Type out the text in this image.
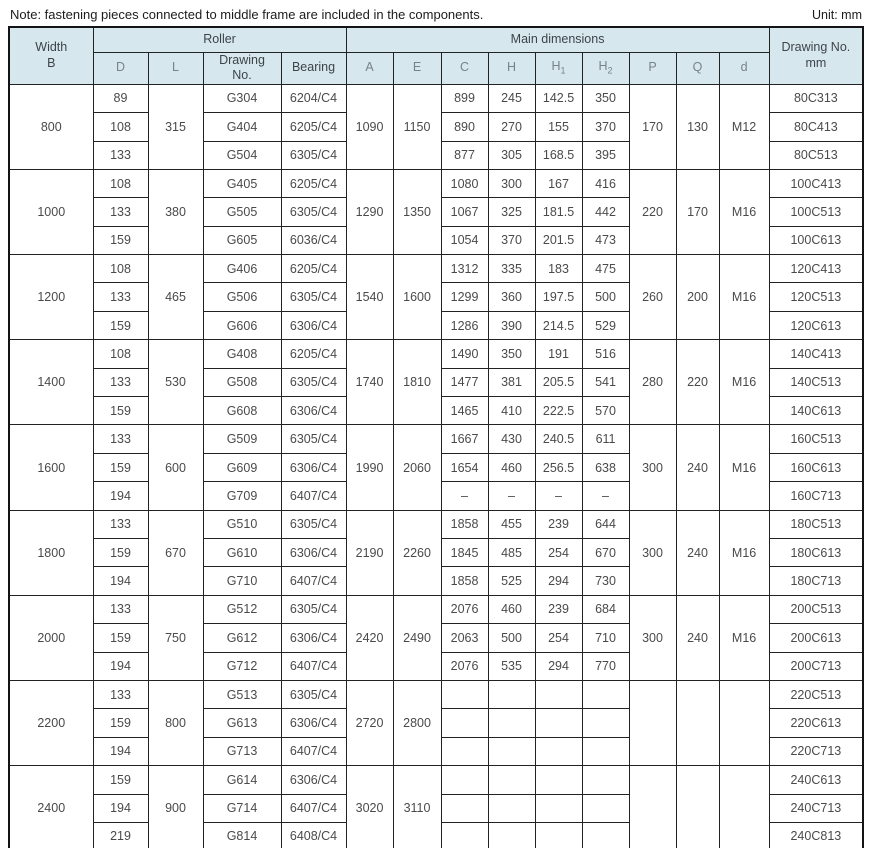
Note: fastening pieces connected to middle frame are included in the components.	Unit: mm
Width
B	Roller				Main dimensions									Drawing No.
mm
	D	L	Drawing
No.	Bearing	A	E	C	H	$H_1$	$H_2$	P	Q	d	
800	89	315	G304	6204/C4	1090	1150	899	245	142.5	350	170	130	M12	80C313
	108		G404	6205/C4			890	270	155	370				80C413
	133		G504	6305/C4			877	305	168.5	395				80C513
1000	108	380	G405	6205/C4	1290	1350	1080	300	167	416	220	170	M16	100C413
	133		G505	6305/C4			1067	325	181.5	442				100C513
	159		G605	6036/C4			1054	370	201.5	473				100C613
1200	108	465	G406	6205/C4	1540	1600	1312	335	183	475	260	200	M16	120C413
	133		G506	6305/C4			1299	360	197.5	500				120C513
	159		G606	6306/C4			1286	390	214.5	529				120C613
1400	108	530	G408	6205/C4	1740	1810	1490	350	191	516	280	220	M16	140C413
	133		G508	6305/C4			1477	381	205.5	541				140C513
	159		G608	6306/C4			1465	410	222.5	570				140C613
1600	133	600	G509	6305/C4	1990	2060	1667	430	240.5	611	300	240	M16	160C513
	159		G609	6306/C4			1654	460	256.5	638				160C613
	194		G709	6407/C4			–	–	–	–				160C713
1800	133	670	G510	6305/C4	2190	2260	1858	455	239	644	300	240	M16	180C513
	159		G610	6306/C4			1845	485	254	670				180C613
	194		G710	6407/C4			1858	525	294	730				180C713
2000	133	750	G512	6305/C4	2420	2490	2076	460	239	684	300	240	M16	200C513
	159		G612	6306/C4			2063	500	254	710				200C613
	194		G712	6407/C4			2076	535	294	770				200C713
2200	133	800	G513	6305/C4	2720	2800								220C513
	159		G613	6306/C4										220C613
	194		G713	6407/C4										220C713
2400	159	900	G614	6306/C4	3020	3110								240C613
	194		G714	6407/C4										240C713
	219		G814	6408/C4										240C813
